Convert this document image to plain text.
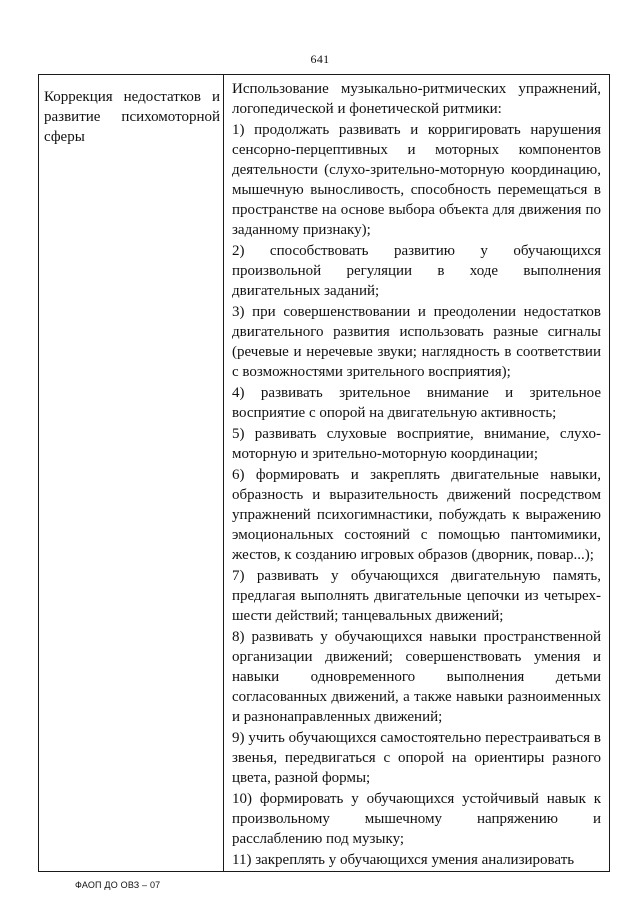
641

Коррекция недостатков и развитие психомоторной сферы

Использование музыкально-ритмических упражнений, логопедической и фонетической ритмики:

1) продолжать развивать и корригировать нарушения сенсорно-перцептивных и моторных компонентов деятельности (слухо-зрительно-моторную координацию, мышечную выносливость, способность перемещаться в пространстве на основе выбора объекта для движения по заданному признаку);

2) способствовать развитию у обучающихся произвольной регуляции в ходе выполнения двигательных заданий;

3) при совершенствовании и преодолении недостатков двигательного развития использовать разные сигналы (речевые и неречевые звуки; наглядность в соответствии с возможностями зрительного восприятия);

4) развивать зрительное внимание и зрительное восприятие с опорой на двигательную активность;

5) развивать слуховые восприятие, внимание, слухо-моторную и зрительно-моторную координации;

6) формировать и закреплять двигательные навыки, образность и выразительность движений посредством упражнений психогимнастики, побуждать к выражению эмоциональных состояний с помощью пантомимики, жестов, к созданию игровых образов (дворник, повар...);

7) развивать у обучающихся двигательную память, предлагая выполнять двигательные цепочки из четырех-шести действий; танцевальных движений;

8) развивать у обучающихся навыки пространственной организации движений; совершенствовать умения и навыки одновременного выполнения детьми согласованных движений, а также навыки разноименных и разнонаправленных движений;

9) учить обучающихся самостоятельно перестраиваться в звенья, передвигаться с опорой на ориентиры разного цвета, разной формы;

10) формировать у обучающихся устойчивый навык к произвольному мышечному напряжению и расслаблению под музыку;

11) закреплять у обучающихся умения анализировать

ФАОП ДО ОВЗ – 07
